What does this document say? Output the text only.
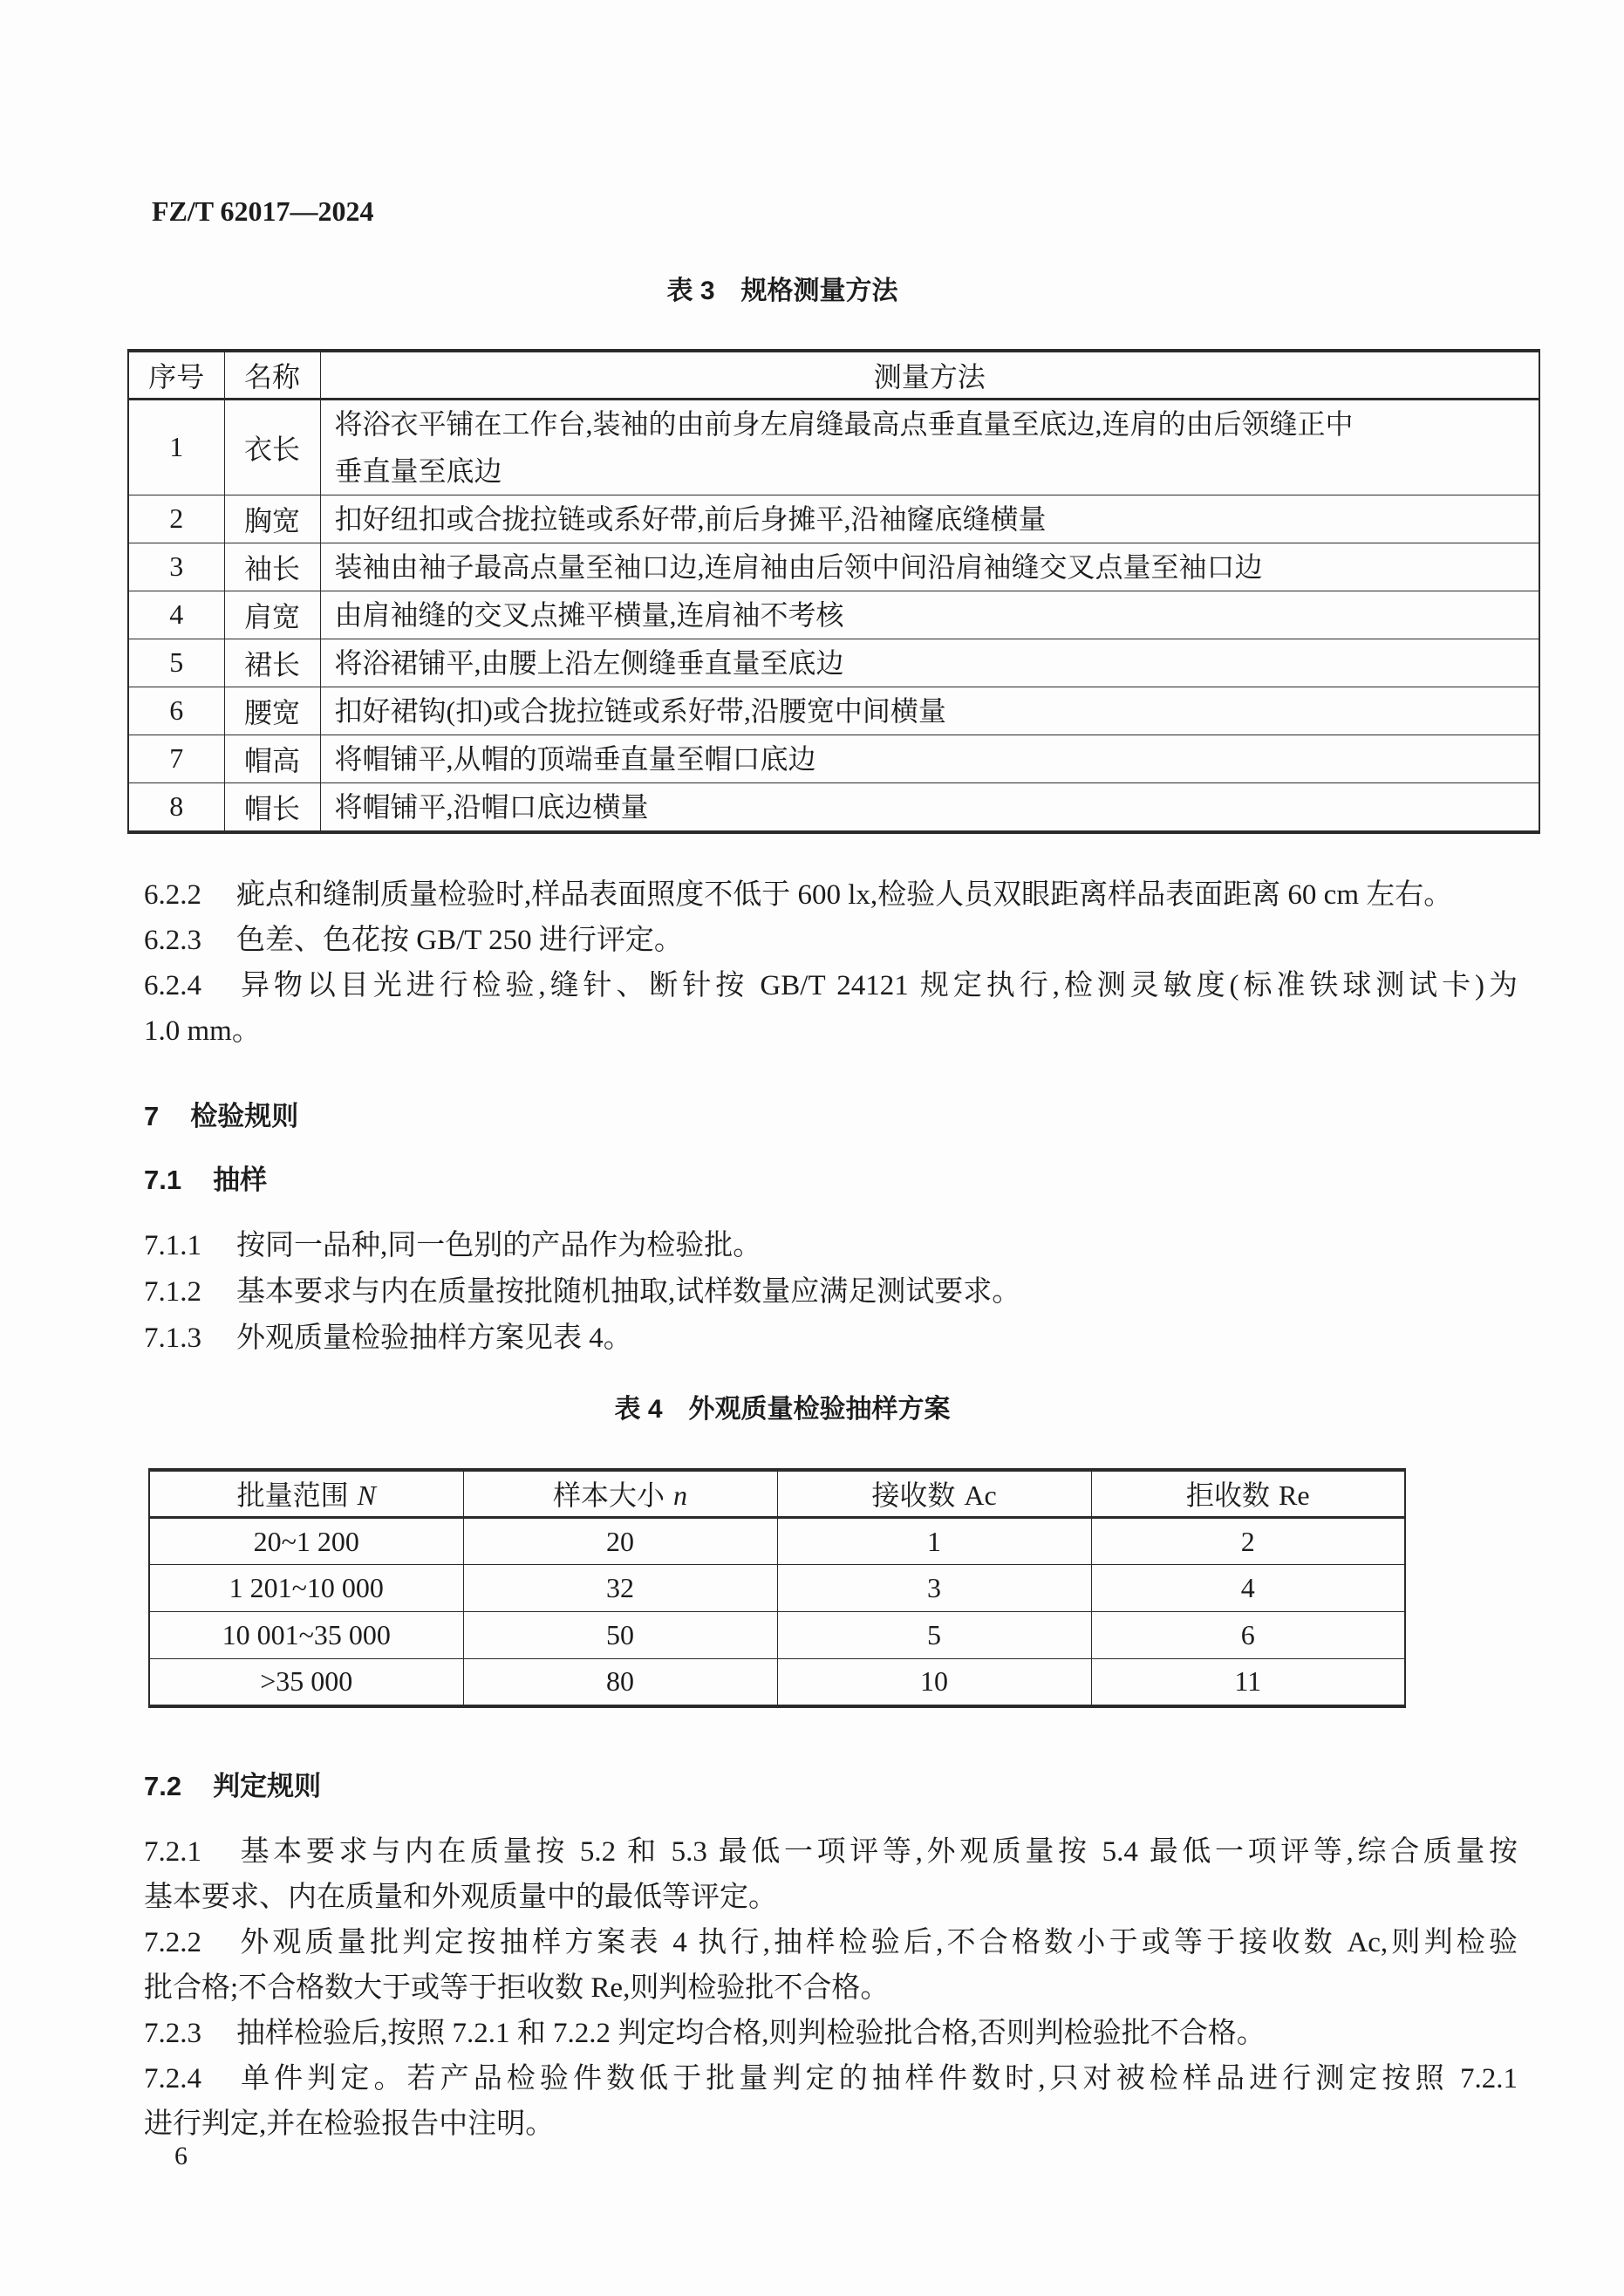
FZ/T 62017—2024
表 3 规格测量方法
序号	名称	测量方法
1	衣长	将浴衣平铺在工作台,装袖的由前身左肩缝最高点垂直量至底边,连肩的由后领缝正中
垂直量至底边

2	胸宽	扣好纽扣或合拢拉链或系好带,前后身摊平,沿袖窿底缝横量

3	袖长	装袖由袖子最高点量至袖口边,连肩袖由后领中间沿肩袖缝交叉点量至袖口边

4	肩宽	由肩袖缝的交叉点摊平横量,连肩袖不考核

5	裙长	将浴裙铺平,由腰上沿左侧缝垂直量至底边

6	腰宽	扣好裙钩(扣)或合拢拉链或系好带,沿腰宽中间横量

7	帽高	将帽铺平,从帽的顶端垂直量至帽口底边

8	帽长	将帽铺平,沿帽口底边横量
6.2.2 疵点和缝制质量检验时,样品表面照度不低于 600 lx,检验人员双眼距离样品表面距离 60 cm 左右。
6.2.3 色差、色花按 GB/T 250 进行评定。
6.2.4 异物以目光进行检验,缝针、断针按 GB/T 24121 规定执行,检测灵敏度(标准铁球测试卡)为
1.0 mm。
7 检验规则
7.1 抽样
7.1.1 按同一品种,同一色别的产品作为检验批。
7.1.2 基本要求与内在质量按批随机抽取,试样数量应满足测试要求。
7.1.3 外观质量检验抽样方案见表 4。
表 4 外观质量检验抽样方案
批量范围 N	样本大小 n	接收数 Ac	拒收数 Re
20~1 200	20	1	2
1 201~10 000	32	3	4
10 001~35 000	50	5	6
>35 000	80	10	11
7.2 判定规则
7.2.1 基本要求与内在质量按 5.2 和 5.3 最低一项评等,外观质量按 5.4 最低一项评等,综合质量按
基本要求、内在质量和外观质量中的最低等评定。
7.2.2 外观质量批判定按抽样方案表 4 执行,抽样检验后,不合格数小于或等于接收数 Ac,则判检验
批合格;不合格数大于或等于拒收数 Re,则判检验批不合格。
7.2.3 抽样检验后,按照 7.2.1 和 7.2.2 判定均合格,则判检验批合格,否则判检验批不合格。
7.2.4 单件判定。若产品检验件数低于批量判定的抽样件数时,只对被检样品进行测定按照 7.2.1
进行判定,并在检验报告中注明。
6
